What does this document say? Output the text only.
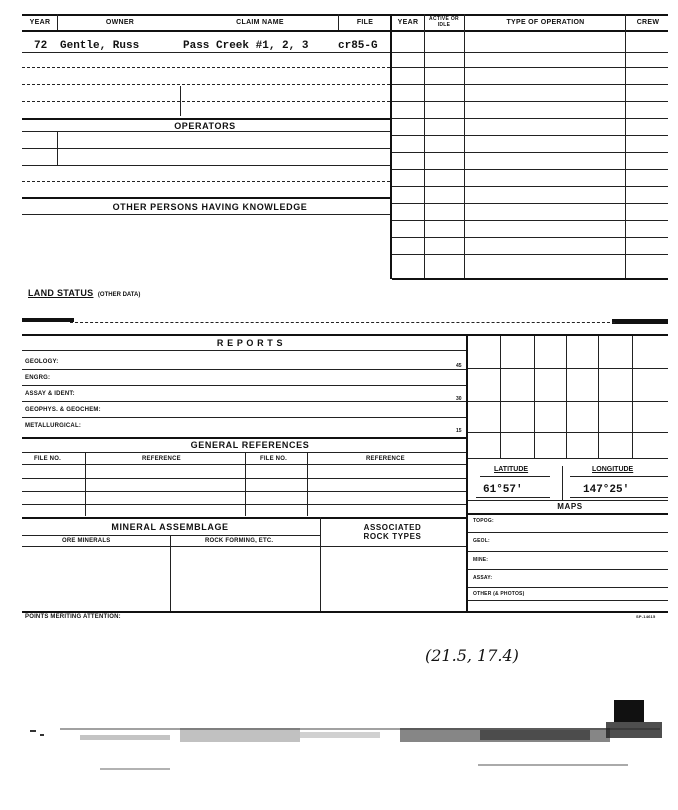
YEAR	OWNER	CLAIM NAME	FILE	YEAR	ACTIVE OR IDLE	TYPE OF OPERATION	CREW
72 Gentle, Russ	Pass Creek #1, 2, 3	cr85-G
OPERATORS
OTHER PERSONS HAVING KNOWLEDGE
LAND STATUS (OTHER DATA)
R E P O R T S
GEOLOGY:
ENGRG:
ASSAY & IDENT:
GEOPHYS. & GEOCHEM:
METALLURGICAL:
45
30
15
GENERAL REFERENCES
FILE NO.	REFERENCE	FILE NO.	REFERENCE
MINERAL ASSEMBLAGE	ASSOCIATED ROCK TYPES
ORE MINERALS	ROCK FORMING, ETC.
LATITUDE	LONGITUDE
61°57'	147°25'
MAPS
TOPOG:
GEOL:
MINE:
ASSAY:
OTHER (& PHOTOS)
POINTS MERITING ATTENTION:	SP-14615
(21.5, 17.4)
